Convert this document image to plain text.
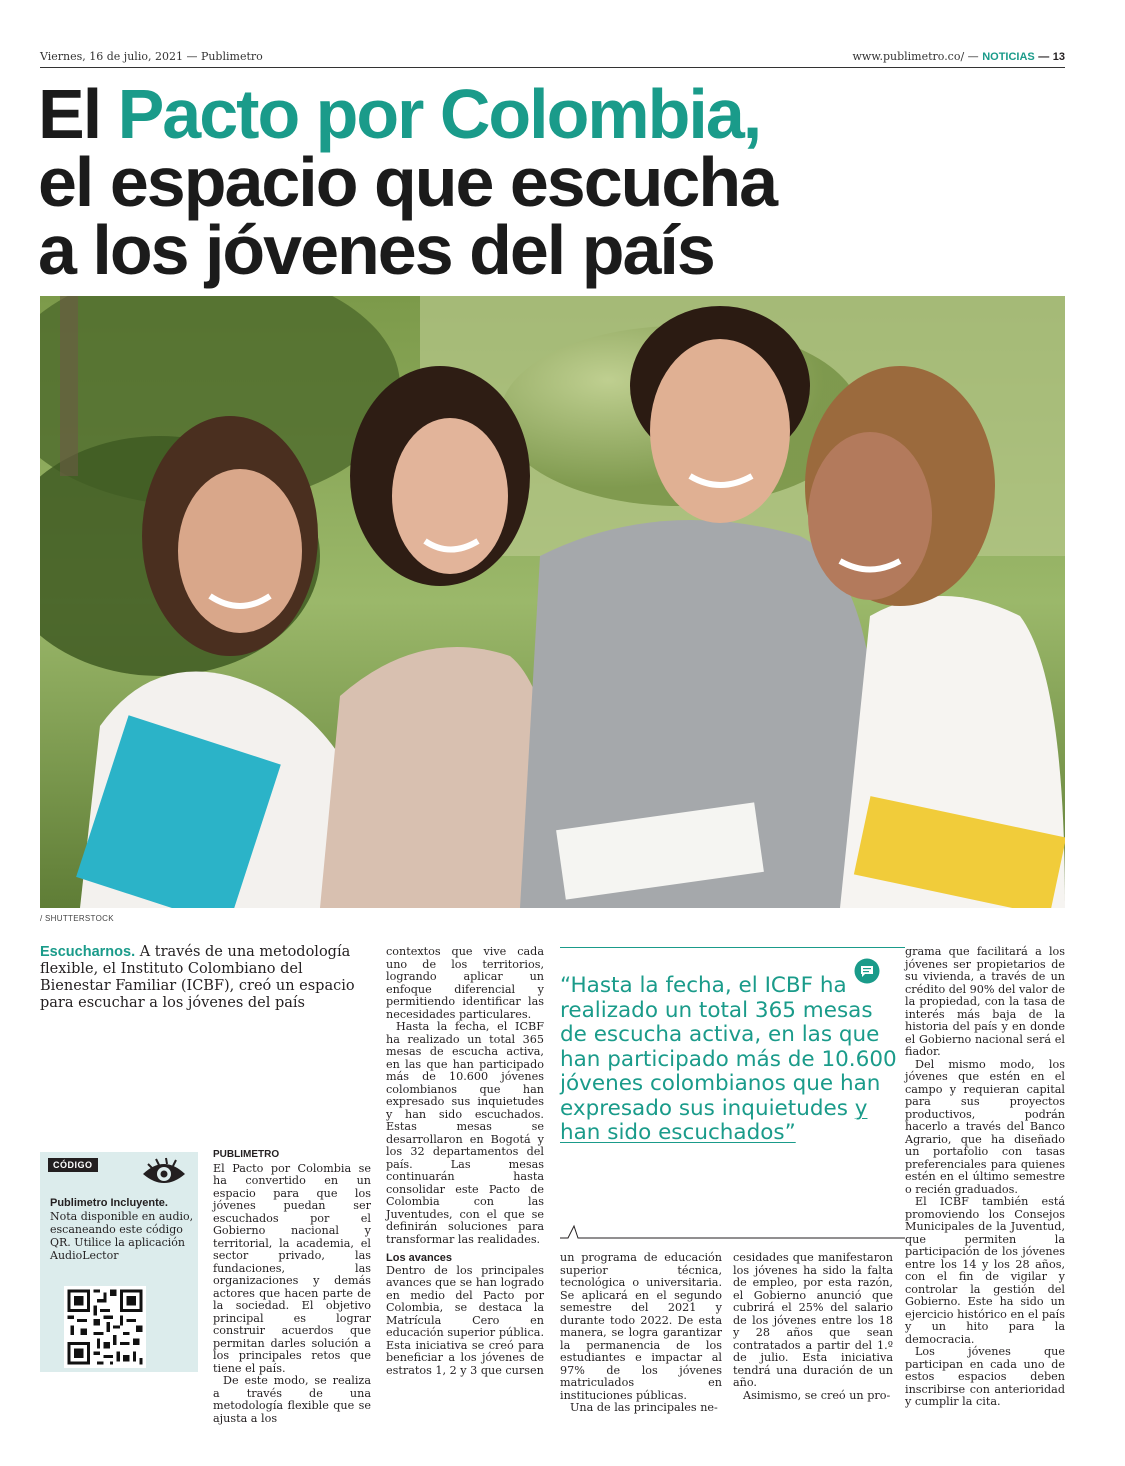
Viernes, 16 de julio, 2021 — Publimetro	www.publimetro.co/ — NOTICIAS — 13
El Pacto por Colombia,
el espacio que escucha
a los jóvenes del país
/ SHUTTERSTOCK
Escucharnos. A través de una metodología flexible, el Instituto Colombiano del Bienestar Familiar (ICBF), creó un espacio para escuchar a los jóvenes del país
CÓDIGO
Publimetro Incluyente. Nota disponible en audio, escaneando este código QR. Utilice la aplicación AudioLector

PUBLIMETRO

El Pacto por Colombia se ha convertido en un espacio para que los jóvenes puedan ser escuchados por el Gobierno nacional y territorial, la academia, el sector privado, las fundaciones, las organizaciones y demás actores que hacen parte de la sociedad. El objetivo principal es lograr construir acuerdos que permitan darles solución a los principales retos que tiene el país.

De este modo, se realiza a través de una metodología flexible que se ajusta a los

contextos que vive cada uno de los territorios, logrando aplicar un enfoque diferencial y permitiendo identificar las necesidades particulares.

Hasta la fecha, el ICBF ha realizado un total 365 mesas de escucha activa, en las que han participado más de 10.600 jóvenes colombianos que han expresado sus inquietudes y han sido escuchados. Estas mesas se desarrollaron en Bogotá y los 32 departamentos del país. Las mesas continuarán hasta consolidar este Pacto de Colombia con las Juventudes, con el que se definirán soluciones para transformar las realidades.

Los avances

Dentro de los principales avances que se han logrado en medio del Pacto por Colombia, se destaca la Matrícula Cero en educación superior pública. Esta iniciativa se creó para beneficiar a los jóvenes de estratos 1, 2 y 3 que cursen

“Hasta la fecha, el ICBF ha realizado un total 365 mesas de escucha activa, en las que han participado más de 10.600 jóvenes colombianos que han expresado sus inquietudes y han sido escuchados”

un programa de educación superior técnica, tecnológica o universitaria. Se aplicará en el segundo semestre del 2021 y durante todo 2022. De esta manera, se logra garantizar la permanencia de los estudiantes e impactar al 97% de los jóvenes matriculados en instituciones públicas.

Una de las principales ne-

cesidades que manifestaron los jóvenes ha sido la falta de empleo, por esta razón, el Gobierno anunció que cubrirá el 25% del salario de los jóvenes entre los 18 y 28 años que sean contratados a partir del 1.º de julio. Esta iniciativa tendrá una duración de un año.

Asimismo, se creó un pro-

grama que facilitará a los jóvenes ser propietarios de su vivienda, a través de un crédito del 90% del valor de la propiedad, con la tasa de interés más baja de la historia del país y en donde el Gobierno nacional será el fiador.

Del mismo modo, los jóvenes que estén en el campo y requieran capital para sus proyectos productivos, podrán hacerlo a través del Banco Agrario, que ha diseñado un portafolio con tasas preferenciales para quienes estén en el último semestre o recién graduados.

El ICBF también está promoviendo los Consejos Municipales de la Juventud, que permiten la participación de los jóvenes entre los 14 y los 28 años, con el fin de vigilar y controlar la gestión del Gobierno. Este ha sido un ejercicio histórico en el país y un hito para la democracia.

Los jóvenes que participan en cada uno de estos espacios deben inscribirse con anterioridad y cumplir la cita.
